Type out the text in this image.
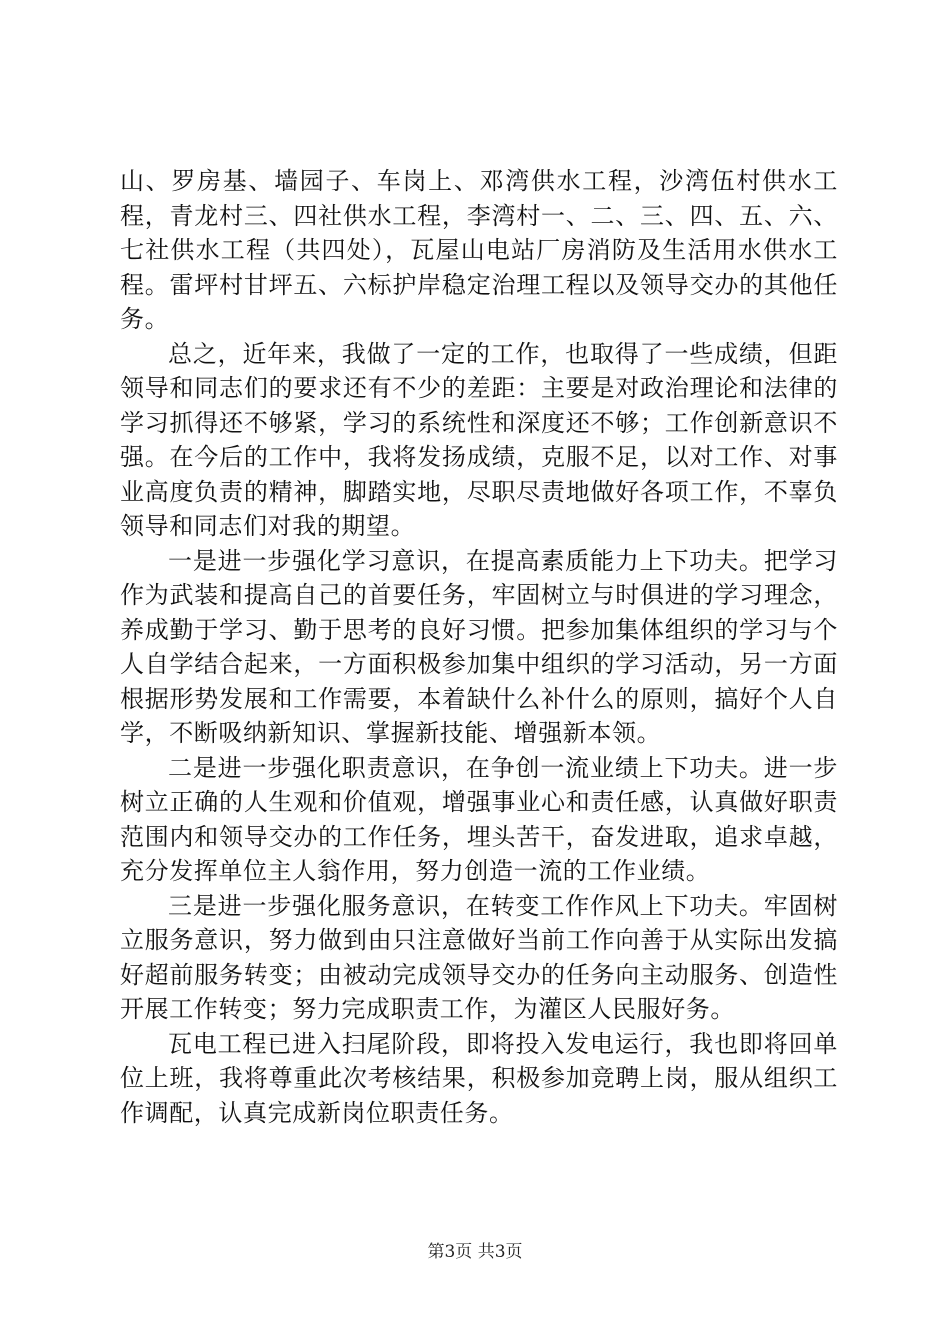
山、罗房基、墙园子、车岗上、邓湾供水工程，沙湾伍村供水工程，青龙村三、四社供水工程，李湾村一、二、三、四、五、六、七社供水工程（共四处），瓦屋山电站厂房消防及生活用水供水工程。雷坪村甘坪五、六标护岸稳定治理工程以及领导交办的其他任务。

总之，近年来，我做了一定的工作，也取得了一些成绩，但距领导和同志们的要求还有不少的差距：主要是对政治理论和法律的学习抓得还不够紧，学习的系统性和深度还不够；工作创新意识不强。在今后的工作中，我将发扬成绩，克服不足，以对工作、对事业高度负责的精神，脚踏实地，尽职尽责地做好各项工作，不辜负领导和同志们对我的期望。

一是进一步强化学习意识，在提高素质能力上下功夫。把学习作为武装和提高自己的首要任务，牢固树立与时俱进的学习理念，养成勤于学习、勤于思考的良好习惯。把参加集体组织的学习与个人自学结合起来，一方面积极参加集中组织的学习活动，另一方面根据形势发展和工作需要，本着缺什么补什么的原则，搞好个人自学，不断吸纳新知识、掌握新技能、增强新本领。

二是进一步强化职责意识，在争创一流业绩上下功夫。进一步树立正确的人生观和价值观，增强事业心和责任感，认真做好职责范围内和领导交办的工作任务，埋头苦干，奋发进取，追求卓越，充分发挥单位主人翁作用，努力创造一流的工作业绩。

三是进一步强化服务意识，在转变工作作风上下功夫。牢固树立服务意识，努力做到由只注意做好当前工作向善于从实际出发搞好超前服务转变；由被动完成领导交办的任务向主动服务、创造性开展工作转变；努力完成职责工作，为灌区人民服好务。

瓦电工程已进入扫尾阶段，即将投入发电运行，我也即将回单位上班，我将尊重此次考核结果，积极参加竞聘上岗，服从组织工作调配，认真完成新岗位职责任务。

第3页 共3页
